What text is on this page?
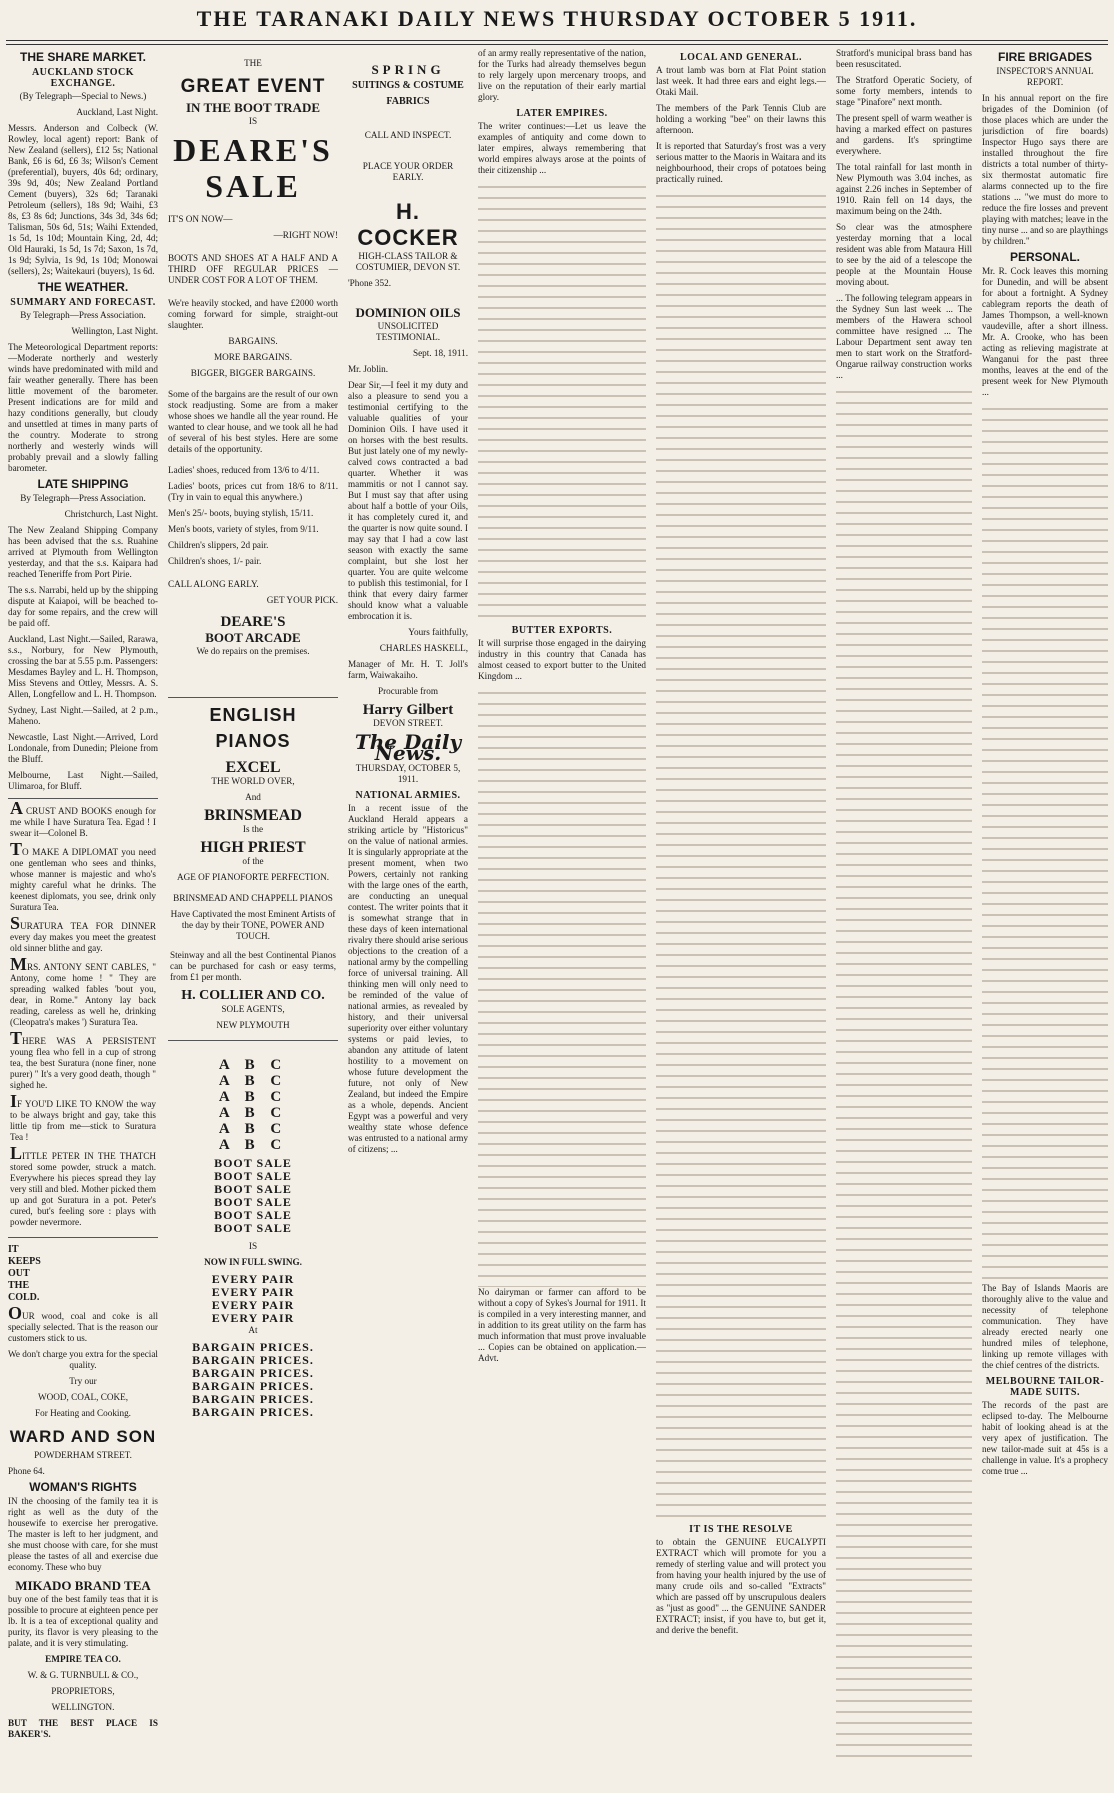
THE TARANAKI DAILY NEWS THURSDAY OCTOBER 5 1911.
THE SHARE MARKET.
AUCKLAND STOCK EXCHANGE.

(By Telegraph—Special to News.)

Auckland, Last Night.

Messrs. Anderson and Colbeck (W. Rowley, local agent) report: Bank of New Zealand (sellers), £12 5s; National Bank, £6 is 6d, £6 3s; Wilson's Cement (preferential), buyers, 40s 6d; ordinary, 39s 9d, 40s; New Zealand Portland Cement (buyers), 32s 6d; Taranaki Petroleum (sellers), 18s 9d; Waihi, £3 8s, £3 8s 6d; Junctions, 34s 3d, 34s 6d; Talisman, 50s 6d, 51s; Waihi Extended, 1s 5d, 1s 10d; Mountain King, 2d, 4d; Old Hauraki, 1s 5d, 1s 7d; Saxon, 1s 7d, 1s 9d; Sylvia, 1s 9d, 1s 10d; Monowai (sellers), 2s; Waitekauri (buyers), 1s 6d.

THE WEATHER.
SUMMARY AND FORECAST.

By Telegraph—Press Association.

Wellington, Last Night.

The Meteorological Department reports:—Moderate northerly and westerly winds have predominated with mild and fair weather generally. There has been little movement of the barometer. Present indications are for mild and hazy conditions generally, but cloudy and unsettled at times in many parts of the country. Moderate to strong northerly and westerly winds will probably prevail and a slowly falling barometer.

LATE SHIPPING

By Telegraph—Press Association.

Christchurch, Last Night.

The New Zealand Shipping Company has been advised that the s.s. Ruahine arrived at Plymouth from Wellington yesterday, and that the s.s. Kaipara had reached Teneriffe from Port Pirie.

The s.s. Narrabi, held up by the shipping dispute at Kaiapoi, will be beached to-day for some repairs, and the crew will be paid off.

Auckland, Last Night.—Sailed, Rarawa, s.s., Norbury, for New Plymouth, crossing the bar at 5.55 p.m. Passengers: Mesdames Bayley and L. H. Thompson, Miss Stevens and Ottley, Messrs. A. S. Allen, Longfellow and L. H. Thompson.

Sydney, Last Night.—Sailed, at 2 p.m., Maheno.

Newcastle, Last Night.—Arrived, Lord Londonale, from Dunedin; Pleione from the Bluff.

Melbourne, Last Night.—Sailed, Ulimaroa, for Bluff.

A CRUST AND BOOKS enough for me while I have Suratura Tea. Egad ! I swear it—Colonel B.

TO MAKE A DIPLOMAT you need one gentleman who sees and thinks, whose manner is majestic and who's mighty careful what he drinks. The keenest diplomats, you see, drink only Suratura Tea.

SURATURA TEA FOR DINNER every day makes you meet the greatest old sinner blithe and gay.

MRS. ANTONY SENT CABLES, " Antony, come home ! " They are spreading walked fables 'bout you, dear, in Rome." Antony lay back reading, careless as well he, drinking (Cleopatra's makes ') Suratura Tea.

THERE WAS A PERSISTENT young flea who fell in a cup of strong tea, the best Suratura (none finer, none purer) " It's a very good death, though " sighed he.

IF YOU'D LIKE TO KNOW the way to be always bright and gay, take this little tip from me—stick to Suratura Tea !

LITTLE PETER IN THE THATCH stored some powder, struck a match. Everywhere his pieces spread they lay very still and bled. Mother picked them up and got Suratura in a pot. Peter's cured, but's feeling sore : plays with powder nevermore.

IT
KEEPS
OUT
THE
COLD.

OUR wood, coal and coke is all specially selected. That is the reason our customers stick to us.

We don't charge you extra for the special quality.

Try our

WOOD, COAL, COKE,

For Heating and Cooking.

WARD AND SON

POWDERHAM STREET.

Phone 64.

WOMAN'S RIGHTS

IN the choosing of the family tea it is right as well as the duty of the housewife to exercise her prerogative. The master is left to her judgment, and she must choose with care, for she must please the tastes of all and exercise due economy. These who buy

MIKADO BRAND TEA

buy one of the best family teas that it is possible to procure at eighteen pence per lb. It is a tea of exceptional quality and purity, its flavor is very pleasing to the palate, and it is very stimulating.

EMPIRE TEA CO.

W. & G. TURNBULL & CO.,

PROPRIETORS,

WELLINGTON.

BUT THE BEST PLACE IS BAKER'S.

THE

GREAT EVENT
IN THE BOOT TRADE

IS

DEARE'S
SALE

IT'S ON NOW—

—RIGHT NOW!

BOOTS AND SHOES AT A HALF AND A THIRD OFF REGULAR PRICES — UNDER COST FOR A LOT OF THEM.

We're heavily stocked, and have £2000 worth coming forward for simple, straight-out slaughter.

BARGAINS.

MORE BARGAINS.

BIGGER, BIGGER BARGAINS.

Some of the bargains are the result of our own stock readjusting. Some are from a maker whose shoes we handle all the year round. He wanted to clear house, and we took all he had of several of his best styles. Here are some details of the opportunity.

Ladies' shoes, reduced from 13/6 to 4/11.

Ladies' boots, prices cut from 18/6 to 8/11. (Try in vain to equal this anywhere.)

Men's 25/- boots, buying stylish, 15/11.

Men's boots, variety of styles, from 9/11.

Children's slippers, 2d pair.

Children's shoes, 1/- pair.

CALL ALONG EARLY.

GET YOUR PICK.

DEARE'S
BOOT ARCADE

We do repairs on the premises.

ENGLISH PIANOS
EXCEL

THE WORLD OVER,

And

BRINSMEAD

Is the

HIGH PRIEST

of the

AGE OF PIANOFORTE PERFECTION.

BRINSMEAD AND CHAPPELL PIANOS

Have Captivated the most Eminent Artists of the day by their TONE, POWER AND TOUCH.

Steinway and all the best Continental Pianos can be purchased for cash or easy terms, from £1 per month.

H. COLLIER AND CO.

SOLE AGENTS,

NEW PLYMOUTH

A B C
A B C
A B C
A B C
A B C
A B C
BOOT SALE
BOOT SALE
BOOT SALE
BOOT SALE
BOOT SALE
BOOT SALE

IS

NOW IN FULL SWING.

EVERY PAIR
EVERY PAIR
EVERY PAIR
EVERY PAIR

At

BARGAIN PRICES.
BARGAIN PRICES.
BARGAIN PRICES.
BARGAIN PRICES.
BARGAIN PRICES.
BARGAIN PRICES.
SPRING
SUITINGS & COSTUME
FABRICS

CALL AND INSPECT.

PLACE YOUR ORDER EARLY.

H. COCKER

HIGH-CLASS TAILOR & COSTUMIER, DEVON ST.

'Phone 352.

DOMINION OILS

UNSOLICITED TESTIMONIAL.

Sept. 18, 1911.

Mr. Joblin.

Dear Sir,—I feel it my duty and also a pleasure to send you a testimonial certifying to the valuable qualities of your Dominion Oils. I have used it on horses with the best results. But just lately one of my newly-calved cows contracted a bad quarter. Whether it was mammitis or not I cannot say. But I must say that after using about half a bottle of your Oils, it has completely cured it, and the quarter is now quite sound. I may say that I had a cow last season with exactly the same complaint, but she lost her quarter. You are quite welcome to publish this testimonial, for I think that every dairy farmer should know what a valuable embrocation it is.

Yours faithfully,

CHARLES HASKELL,

Manager of Mr. H. T. Joll's farm, Waiwakaiho.

Procurable from

Harry Gilbert

DEVON STREET.

The Daily News.

THURSDAY, OCTOBER 5, 1911.

NATIONAL ARMIES.

In a recent issue of the Auckland Herald appears a striking article by "Historicus" on the value of national armies. It is singularly appropriate at the present moment, when two Powers, certainly not ranking with the large ones of the earth, are conducting an unequal contest. The writer points that it is somewhat strange that in these days of keen international rivalry there should arise serious objections to the creation of a national army by the compelling force of universal training. All thinking men will only need to be reminded of the value of national armies, as revealed by history, and their universal superiority over either voluntary systems or paid levies, to abandon any attitude of latent hostility to a movement on whose future development the future, not only of New Zealand, but indeed the Empire as a whole, depends. Ancient Egypt was a powerful and very wealthy state whose defence was entrusted to a national army of citizens; ...

of an army really representative of the nation, for the Turks had already themselves begun to rely largely upon mercenary troops, and live on the reputation of their early martial glory.

LATER EMPIRES.

The writer continues:—Let us leave the examples of antiquity and come down to later empires, always remembering that world empires always arose at the points of their citizenship ...

BUTTER EXPORTS.

It will surprise those engaged in the dairying industry in this country that Canada has almost ceased to export butter to the United Kingdom ...

No dairyman or farmer can afford to be without a copy of Sykes's Journal for 1911. It is compiled in a very interesting manner, and in addition to its great utility on the farm has much information that must prove invaluable ... Copies can be obtained on application.—Advt.

LOCAL AND GENERAL.

A trout lamb was born at Flat Point station last week. It had three ears and eight legs.—Otaki Mail.

The members of the Park Tennis Club are holding a working "bee" on their lawns this afternoon.

It is reported that Saturday's frost was a very serious matter to the Maoris in Waitara and its neighbourhood, their crops of potatoes being practically ruined.

IT IS THE RESOLVE

to obtain the GENUINE EUCALYPTI EXTRACT which will promote for you a remedy of sterling value and will protect you from having your health injured by the use of many crude oils and so-called "Extracts" which are passed off by unscrupulous dealers as "just as good" ... the GENUINE SANDER EXTRACT; insist, if you have to, but get it, and derive the benefit.

Stratford's municipal brass band has been resuscitated.

The Stratford Operatic Society, of some forty members, intends to stage "Pinafore" next month.

The present spell of warm weather is having a marked effect on pastures and gardens. It's springtime everywhere.

The total rainfall for last month in New Plymouth was 3.04 inches, as against 2.26 inches in September of 1910. Rain fell on 14 days, the maximum being on the 24th.

So clear was the atmosphere yesterday morning that a local resident was able from Mataura Hill to see by the aid of a telescope the people at the Mountain House moving about.

... The following telegram appears in the Sydney Sun last week ... The members of the Hawera school committee have resigned ... The Labour Department sent away ten men to start work on the Stratford-Ongarue railway construction works ...

FIRE BRIGADES

INSPECTOR'S ANNUAL REPORT.

In his annual report on the fire brigades of the Dominion (of those places which are under the jurisdiction of fire boards) Inspector Hugo says there are installed throughout the fire districts a total number of thirty-six thermostat automatic fire alarms connected up to the fire stations ... "we must do more to reduce the fire losses and prevent playing with matches; leave in the tiny nurse ... and so are playthings by children."

PERSONAL.

Mr. R. Cock leaves this morning for Dunedin, and will be absent for about a fortnight. A Sydney cablegram reports the death of James Thompson, a well-known vaudeville, after a short illness. Mr. A. Crooke, who has been acting as relieving magistrate at Wanganui for the past three months, leaves at the end of the present week for New Plymouth ...

The Bay of Islands Maoris are thoroughly alive to the value and necessity of telephone communication. They have already erected nearly one hundred miles of telephone, linking up remote villages with the chief centres of the districts.

MELBOURNE TAILOR-MADE SUITS.

The records of the past are eclipsed to-day. The Melbourne habit of looking ahead is at the very apex of justification. The new tailor-made suit at 45s is a challenge in value. It's a prophecy come true ...
